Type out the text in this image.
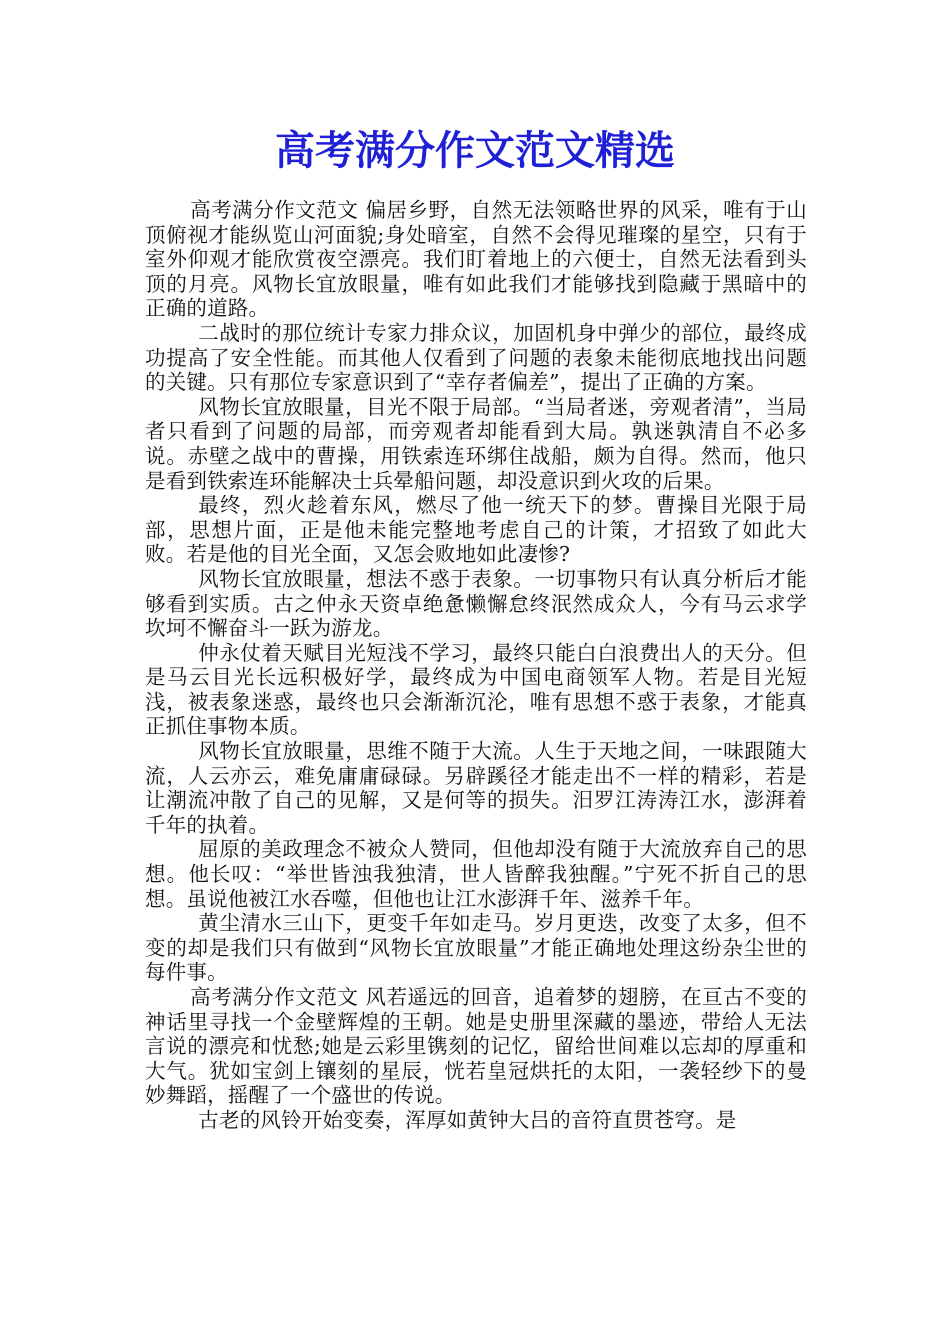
高考满分作文范文精选

高考满分作文范文 偏居乡野，自然无法领略世界的风采，唯有于山顶俯视才能纵览山河面貌;身处暗室，自然不会得见璀璨的星空，只有于室外仰观才能欣赏夜空漂亮。我们盯着地上的六便士，自然无法看到头顶的月亮。风物长宜放眼量，唯有如此我们才能够找到隐藏于黑暗中的正确的道路。

二战时的那位统计专家力排众议，加固机身中弹少的部位，最终成功提高了安全性能。而其他人仅看到了问题的表象未能彻底地找出问题的关键。只有那位专家意识到了“幸存者偏差”，提出了正确的方案。

风物长宜放眼量，目光不限于局部。“当局者迷，旁观者清”，当局者只看到了问题的局部，而旁观者却能看到大局。孰迷孰清自不必多说。赤壁之战中的曹操，用铁索连环绑住战船，颇为自得。然而，他只是看到铁索连环能解决士兵晕船问题，却没意识到火攻的后果。

最终，烈火趁着东风，燃尽了他一统天下的梦。曹操目光限于局部，思想片面，正是他未能完整地考虑自己的计策，才招致了如此大败。若是他的目光全面，又怎会败地如此凄惨?

风物长宜放眼量，想法不惑于表象。一切事物只有认真分析后才能够看到实质。古之仲永天资卓绝惫懒懈怠终泯然成众人，今有马云求学坎坷不懈奋斗一跃为游龙。

仲永仗着天赋目光短浅不学习，最终只能白白浪费出人的天分。但是马云目光长远积极好学，最终成为中国电商领军人物。若是目光短浅，被表象迷惑，最终也只会渐渐沉沦，唯有思想不惑于表象，才能真正抓住事物本质。

风物长宜放眼量，思维不随于大流。人生于天地之间，一味跟随大流，人云亦云，难免庸庸碌碌。另辟蹊径才能走出不一样的精彩，若是让潮流冲散了自己的见解，又是何等的损失。汨罗江涛涛江水，澎湃着千年的执着。

屈原的美政理念不被众人赞同，但他却没有随于大流放弃自己的思想。他长叹：“举世皆浊我独清，世人皆醉我独醒。”宁死不折自己的思想。虽说他被江水吞噬，但他也让江水澎湃千年、滋养千年。

黄尘清水三山下，更变千年如走马。岁月更迭，改变了太多，但不变的却是我们只有做到“风物长宜放眼量”才能正确地处理这纷杂尘世的每件事。

高考满分作文范文 风若遥远的回音，追着梦的翅膀，在亘古不变的神话里寻找一个金壁辉煌的王朝。她是史册里深藏的墨迹，带给人无法言说的漂亮和忧愁;她是云彩里镌刻的记忆，留给世间难以忘却的厚重和大气。犹如宝剑上镶刻的星辰，恍若皇冠烘托的太阳，一袭轻纱下的曼妙舞蹈，摇醒了一个盛世的传说。

古老的风铃开始变奏，浑厚如黄钟大吕的音符直贯苍穹。是
